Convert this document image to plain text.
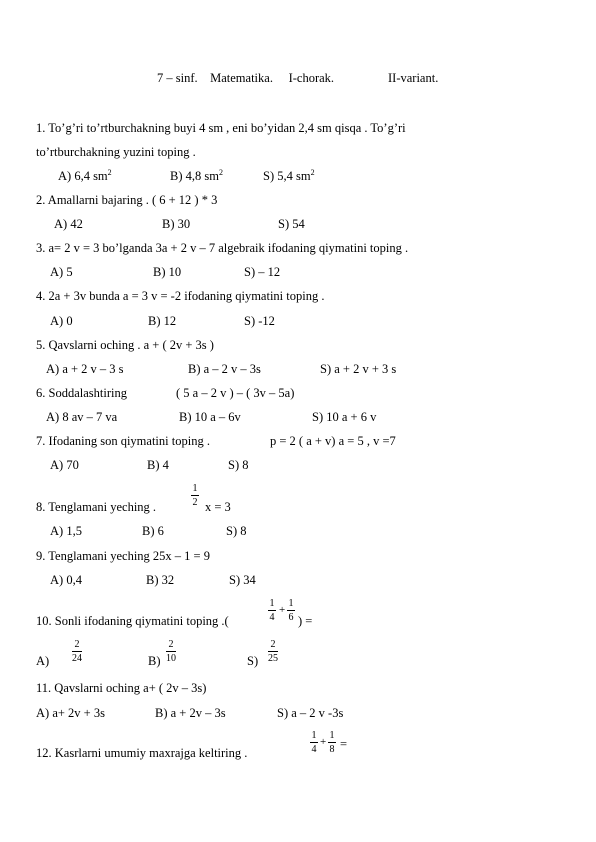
7 – sinf. Matematika. I-chorak.	II-variant.
1. To’g’ri to’rtburchakning buyi 4 sm , eni bo’yidan 2,4 sm qisqa . To’g’ri
to’rtburchakning yuzini toping .
A) 6,4 $sm^2$	B) 4,8 $sm^2$	S) 5,4 $sm^2$
2. Amallarni bajaring . ( 6 + 12 ) * 3
A) 42	B) 30	S) 54
3. a= 2 v = 3 bo’lganda 3a + 2 v – 7 algebraik ifodaning qiymatini toping .
A) 5	B) 10	S) – 12
4. 2a + 3v bunda a = 3 v = -2 ifodaning qiymatini toping .
A) 0	B) 12	S) -12
5. Qavslarni oching . a + ( 2v + 3s )
A) a + 2 v – 3 s	B) a – 2 v – 3s	S) a + 2 v + 3 s
6. Soddalashtiring	( 5 a – 2 v ) – ( 3v – 5a)
A) 8 av – 7 va	B) 10 a – 6v	S) 10 a + 6 v
7. Ifodaning son qiymatini toping .	p = 2 ( a + v) a = 5 , v =7
A) 70	B) 4	S) 8
8. Tenglamani yeching .
1
2 x = 3
A) 1,5	B) 6	S) 8
9. Tenglamani yeching 25x – 1 = 9
A) 0,4	B) 32	S) 34
10. Sonli ifodaning qiymatini toping .(
1
4
+
1
6 ) =
A)
2
24	B)
2
10	S)
2
25
11. Qavslarni oching a+ ( 2v – 3s)
A) a+ 2v + 3s	B) a + 2v – 3s	S) a – 2 v -3s
12. Kasrlarni umumiy maxrajga keltiring .
1
4
+
1
8 =
